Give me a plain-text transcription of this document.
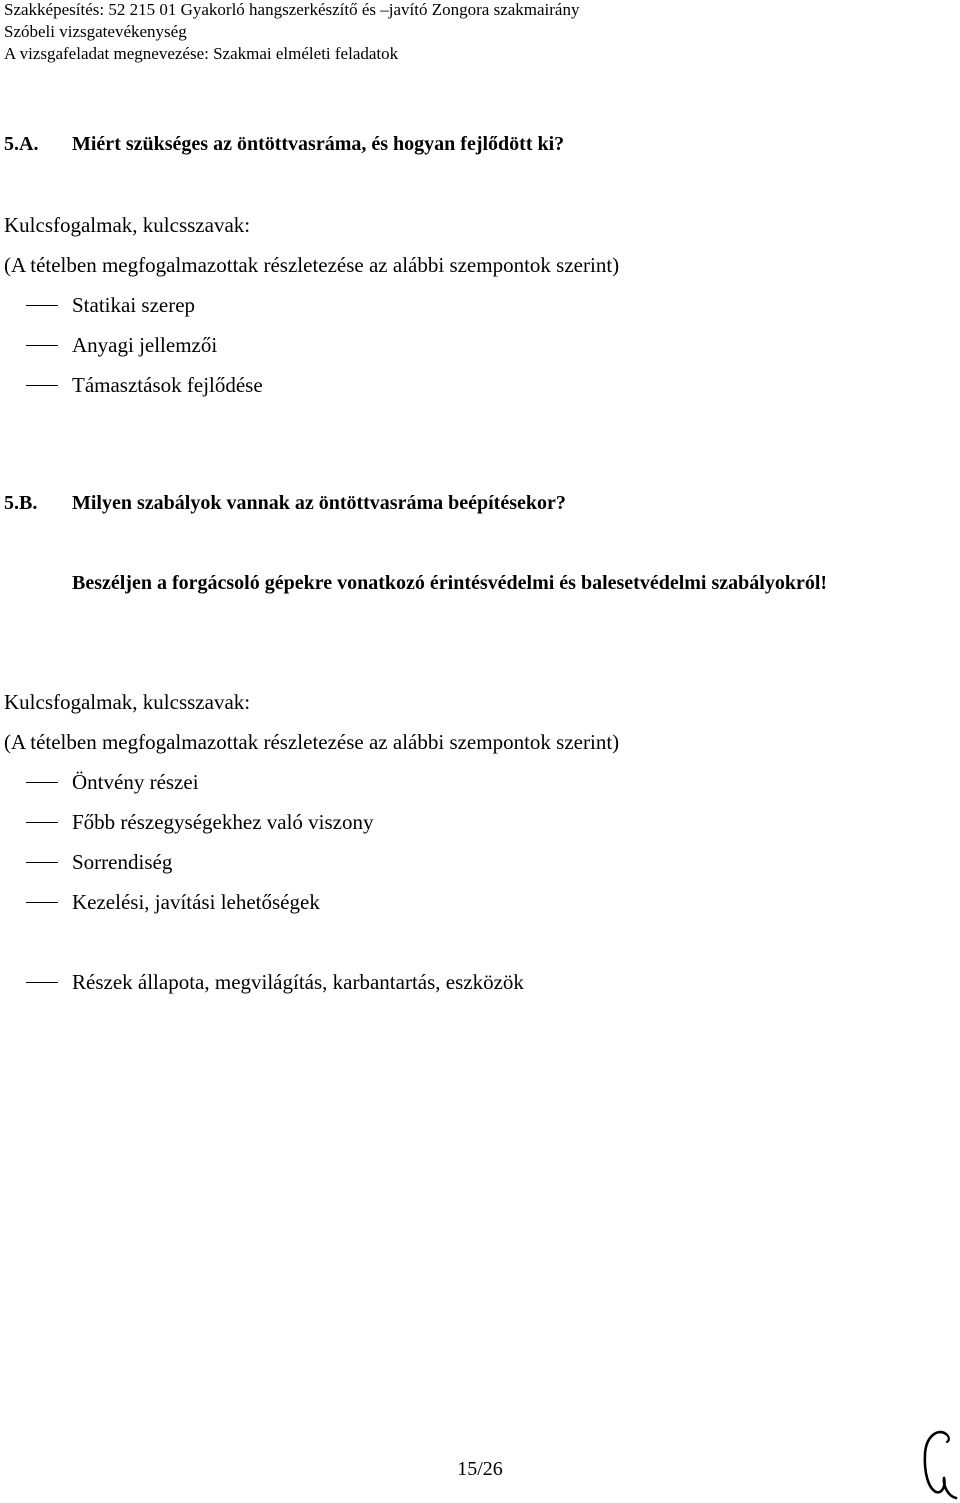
Szakképesítés: 52 215 01 Gyakorló hangszerkészítő és –javító Zongora szakmairány
Szóbeli vizsgatevékenység
A vizsgafeladat megnevezése: Szakmai elméleti feladatok
5.A. Miért szükséges az öntöttvasráma, és hogyan fejlődött ki?
Kulcsfogalmak, kulcsszavak:
(A tételben megfogalmazottak részletezése az alábbi szempontok szerint)
Statikai szerep
Anyagi jellemzői
Támasztások fejlődése
5.B. Milyen szabályok vannak az öntöttvasráma beépítésekor?
Beszéljen a forgácsoló gépekre vonatkozó érintésvédelmi és balesetvédelmi szabályokról!
Kulcsfogalmak, kulcsszavak:
(A tételben megfogalmazottak részletezése az alábbi szempontok szerint)
Öntvény részei
Főbb részegységekhez való viszony
Sorrendiség
Kezelési, javítási lehetőségek
Részek állapota, megvilágítás, karbantartás, eszközök
15/26
